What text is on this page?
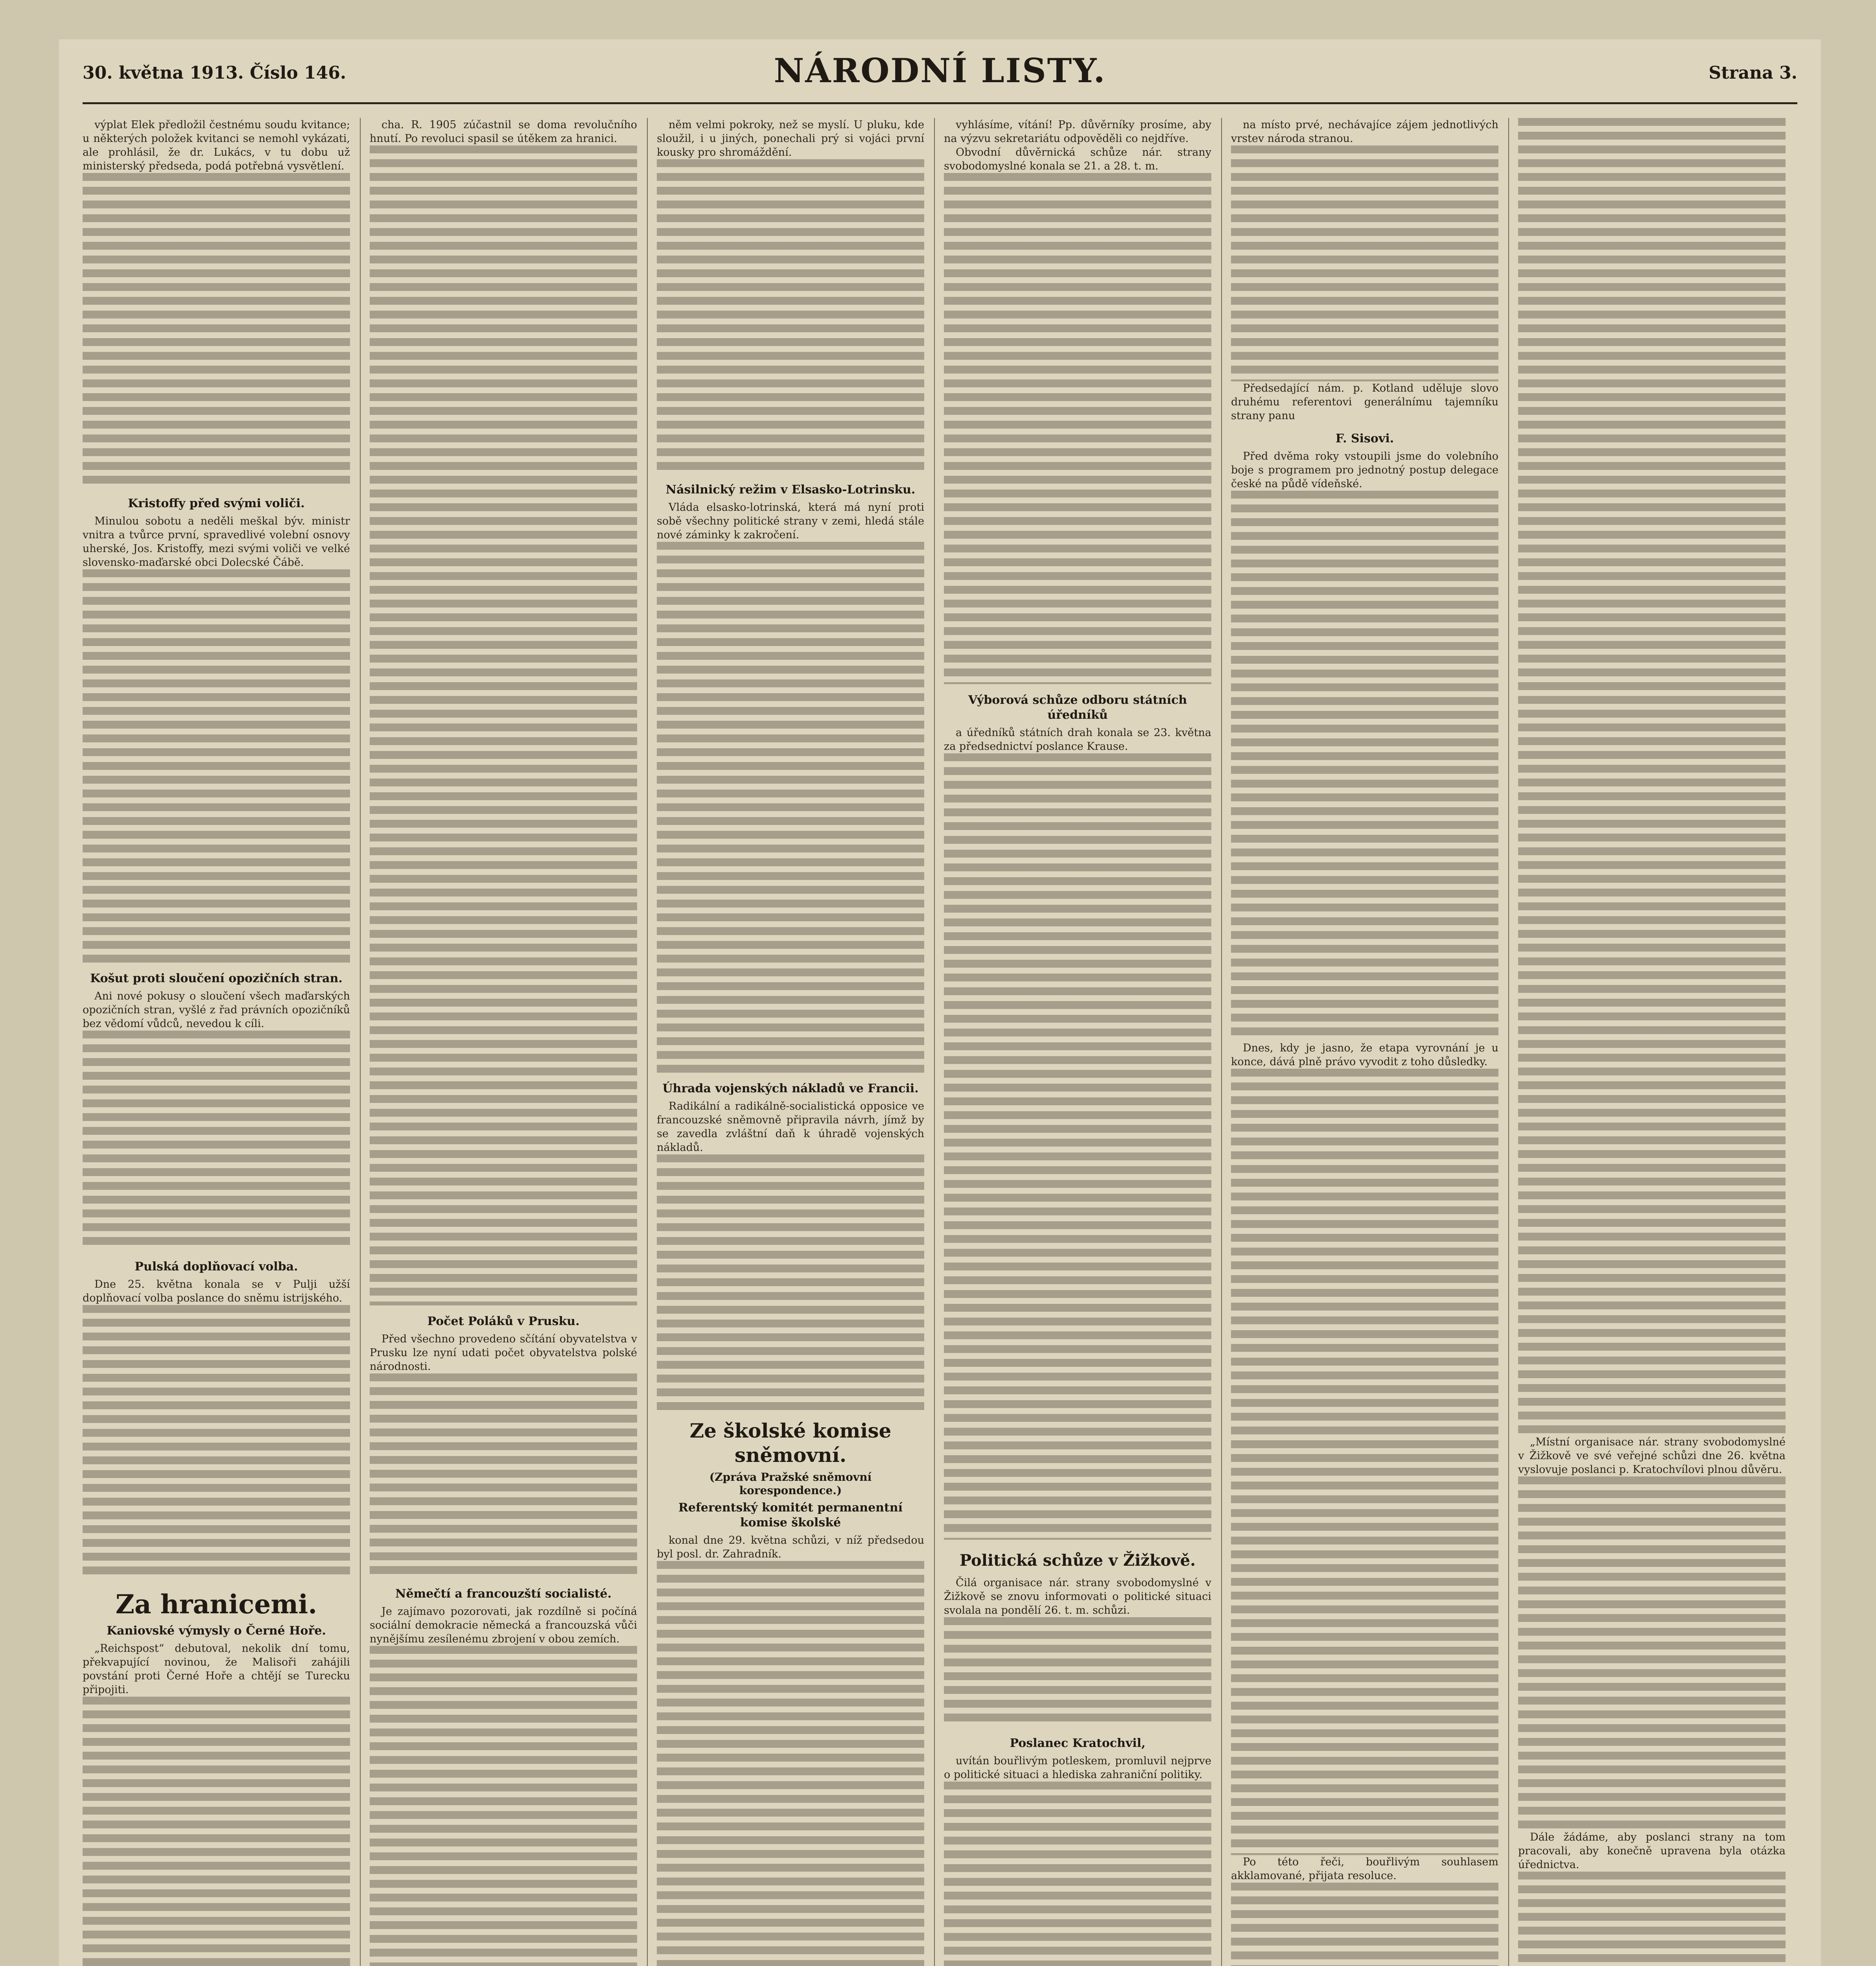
30. května 1913. Číslo 146.	NÁRODNÍ LISTY.	Strana 3.
výplat Elek předložil čestnému soudu kvitance; u některých položek kvitanci se nemohl vykázati, ale prohlásil, že dr. Lukács, v tu dobu už ministerský předseda, podá potřebná vysvětlení.
Kristoffy před svými voliči.
Minulou sobotu a neděli meškal býv. ministr vnitra a tvůrce první, spravedlivé volební osnovy uherské, Jos. Kristoffy, mezi svými voliči ve velké slovensko-maďarské obci Dolecské Čábě.
Košut proti sloučení opozičních stran.
Ani nové pokusy o sloučení všech maďarských opozičních stran, vyšlé z řad právních opozičníků bez vědomí vůdců, nevedou k cíli.
Pulská doplňovací volba.
Dne 25. května konala se v Pulji užší doplňovací volba poslance do sněmu istrijského.
Za hranicemi.
Kaniovské výmysly o Černé Hoře.
„Reichspost“ debutoval, nekolik dní tomu, překvapující novinou, že Malisoři zahájili povstání proti Černé Hoře a chtějí se Turecku připojiti.
cha. R. 1905 zúčastnil se doma revolučního hnutí. Po revoluci spasil se útěkem za hranici.
Počet Poláků v Prusku.
Před všechno provedeno sčítání obyvatelstva v Prusku lze nyní udati počet obyvatelstva polské národnosti.
Němečtí a francouzští socialisté.
Je zajímavo pozorovati, jak rozdílně si počíná sociální demokracie německá a francouzská vůči nynějšímu zesílenému zbrojení v obou zemích.
něm velmi pokroky, než se myslí. U pluku, kde sloužil, i u jiných, ponechali prý si vojáci první kousky pro shromáždění.
Násilnický režim v Elsasko-Lotrinsku.
Vláda elsasko-lotrinská, která má nyní proti sobě všechny politické strany v zemi, hledá stále nové záminky k zakročení.
Úhrada vojenských nákladů ve Francii.
Radikální a radikálně-socialistická opposice ve francouzské sněmovně připravila návrh, jímž by se zavedla zvláštní daň k úhradě vojenských nákladů.
Ze školské komise sněmovní.
(Zpráva Pražské sněmovní korespondence.)
Referentský komitét permanentní komise školské
konal dne 29. května schůzi, v níž předsedou byl posl. dr. Zahradník.
vyhlásíme, vítání! Pp. důvěrníky prosíme, aby na výzvu sekretariátu odpověděli co nejdříve.
Obvodní důvěrnická schůze nár. strany svobodomyslné konala se 21. a 28. t. m.
Výborová schůze odboru státních úředníků
a úředníků státních drah konala se 23. května za předsednictví poslance Krause.
Politická schůze v Žižkově.
Čilá organisace nár. strany svobodomyslné v Žižkově se znovu informovati o politické situaci svolala na pondělí 26. t. m. schůzi.
Poslanec Kratochvil,
uvítán bouřlivým potleskem, promluvil nejprve o politické situaci a hlediska zahraniční politiky.
na místo prvé, nechávajíce zájem jednotlivých vrstev národa stranou.
Předsedající nám. p. Kotland uděluje slovo druhému referentovi generálnímu tajemníku strany panu
F. Sisovi.
Před dvěma roky vstoupili jsme do volebního boje s programem pro jednotný postup delegace české na půdě vídeňské.
Dnes, kdy je jasno, že etapa vyrovnání je u konce, dává plně právo vyvodit z toho důsledky.
Po této řeči, bouřlivým souhlasem akklamované, přijata resoluce.
„Místní organisace nár. strany svobodomyslné v Žižkově ve své veřejné schůzi dne 26. května vyslovuje poslanci p. Kratochvílovi plnou důvěru.
Dále žádáme, aby poslanci strany na tom pracovali, aby konečně upravena byla otázka úřednictva.
